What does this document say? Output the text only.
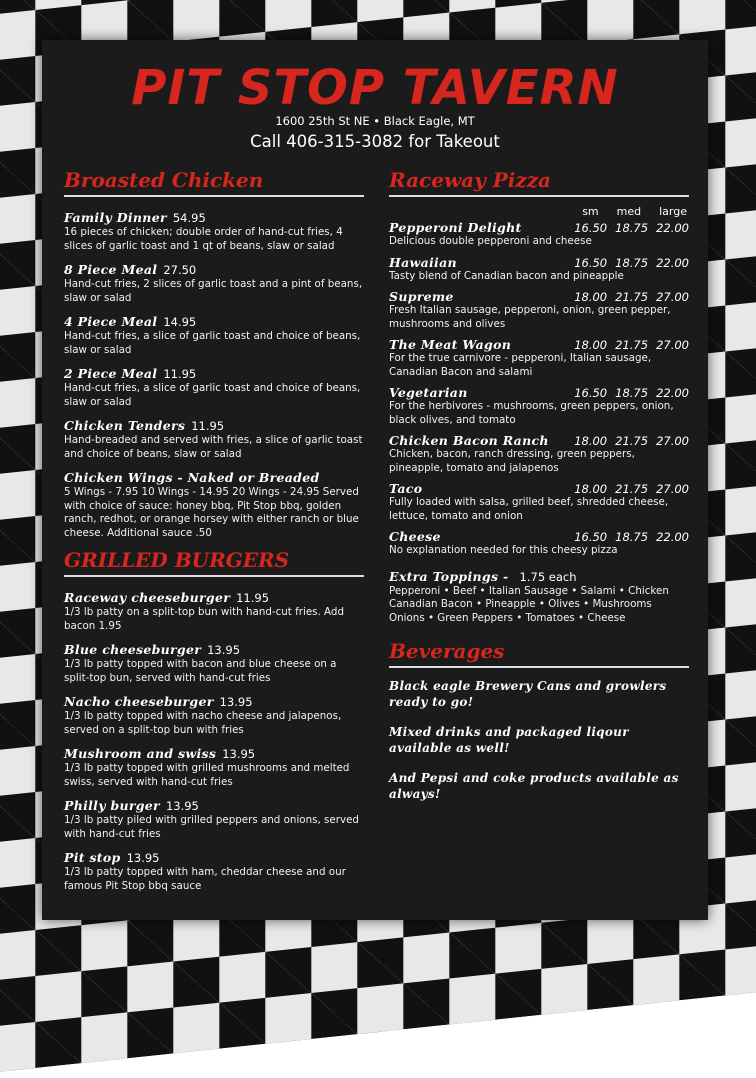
PIT STOP TAVERN
1600 25th St NE • Black Eagle, MT
Call 406-315-3082 for Takeout
Broasted Chicken
Family Dinner 54.95
16 pieces of chicken; double order of hand-cut fries, 4 slices of garlic toast and 1 qt of beans, slaw or salad
8 Piece Meal 27.50
Hand-cut fries, 2 slices of garlic toast and a pint of beans, slaw or salad
4 Piece Meal 14.95
Hand-cut fries, a slice of garlic toast and choice of beans, slaw or salad
2 Piece Meal 11.95
Hand-cut fries, a slice of garlic toast and choice of beans, slaw or salad
Chicken Tenders 11.95
Hand-breaded and served with fries, a slice of garlic toast and choice of beans, slaw or salad
Chicken Wings - Naked or Breaded
5 Wings - 7.95 10 Wings - 14.95 20 Wings - 24.95 Served with choice of sauce: honey bbq, Pit Stop bbq, golden ranch, redhot, or orange horsey with either ranch or blue cheese. Additional sauce .50
GRILLED BURGERS
Raceway cheeseburger 11.95
1/3 lb patty on a split-top bun with hand-cut fries. Add bacon 1.95
Blue cheeseburger 13.95
1/3 lb patty topped with bacon and blue cheese on a split-top bun, served with hand-cut fries
Nacho cheeseburger 13.95
1/3 lb patty topped with nacho cheese and jalapenos, served on a split-top bun with fries
Mushroom and swiss 13.95
1/3 lb patty topped with grilled mushrooms and melted swiss, served with hand-cut fries
Philly burger 13.95
1/3 lb patty piled with grilled peppers and onions, served with hand-cut fries
Pit stop 13.95
1/3 lb patty topped with ham, cheddar cheese and our famous Pit Stop bbq sauce
Raceway Pizza
sm med large
Pepperoni Delight	16.50 18.75 22.00
Delicious double pepperoni and cheese
Hawaiian	16.50 18.75 22.00
Tasty blend of Canadian bacon and pineapple
Supreme	18.00 21.75 27.00
Fresh Italian sausage, pepperoni, onion, green pepper, mushrooms and olives
The Meat Wagon	18.00 21.75 27.00
For the true carnivore - pepperoni, Italian sausage, Canadian Bacon and salami
Vegetarian	16.50 18.75 22.00
For the herbivores - mushrooms, green peppers, onion, black olives, and tomato
Chicken Bacon Ranch	18.00 21.75 27.00
Chicken, bacon, ranch dressing, green peppers, pineapple, tomato and jalapenos
Taco	18.00 21.75 27.00
Fully loaded with salsa, grilled beef, shredded cheese, lettuce, tomato and onion
Cheese	16.50 18.75 22.00
No explanation needed for this cheesy pizza
Extra Toppings - 1.75 each
Pepperoni • Beef • Italian Sausage • Salami • Chicken Canadian Bacon • Pineapple • Olives • Mushrooms Onions • Green Peppers • Tomatoes • Cheese
Beverages
Black eagle Brewery Cans and growlers ready to go!
Mixed drinks and packaged liqour available as well!
And Pepsi and coke products available as always!
